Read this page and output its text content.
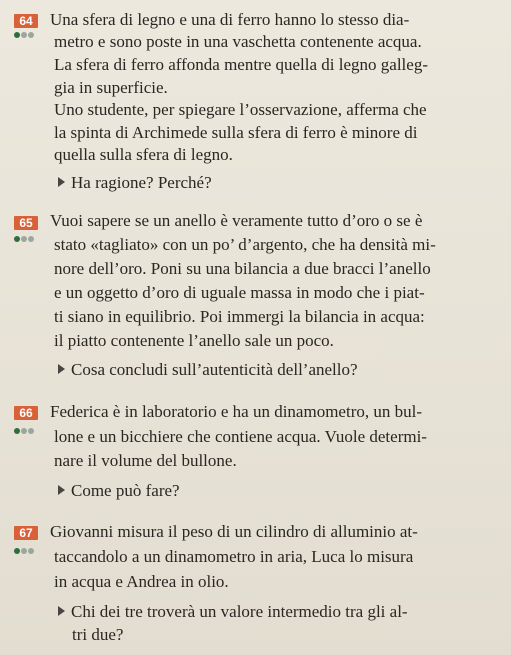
64	Una sfera di legno e una di ferro hanno lo stesso dia-
metro e sono poste in una vaschetta contenente acqua.
La sfera di ferro affonda mentre quella di legno galleg-
gia in superficie.
Uno studente, per spiegare l’osservazione, afferma che
la spinta di Archimede sulla sfera di ferro è minore di
quella sulla sfera di legno.
Ha ragione? Perché?
65	Vuoi sapere se un anello è veramente tutto d’oro o se è
stato «tagliato» con un po’ d’argento, che ha densità mi-
nore dell’oro. Poni su una bilancia a due bracci l’anello
e un oggetto d’oro di uguale massa in modo che i piat-
ti siano in equilibrio. Poi immergi la bilancia in acqua:
il piatto contenente l’anello sale un poco.
Cosa concludi sull’autenticità dell’anello?
66	Federica è in laboratorio e ha un dinamometro, un bul-
lone e un bicchiere che contiene acqua. Vuole determi-
nare il volume del bullone.
Come può fare?
67	Giovanni misura il peso di un cilindro di alluminio at-
taccandolo a un dinamometro in aria, Luca lo misura
in acqua e Andrea in olio.
Chi dei tre troverà un valore intermedio tra gli al-
tri due?
